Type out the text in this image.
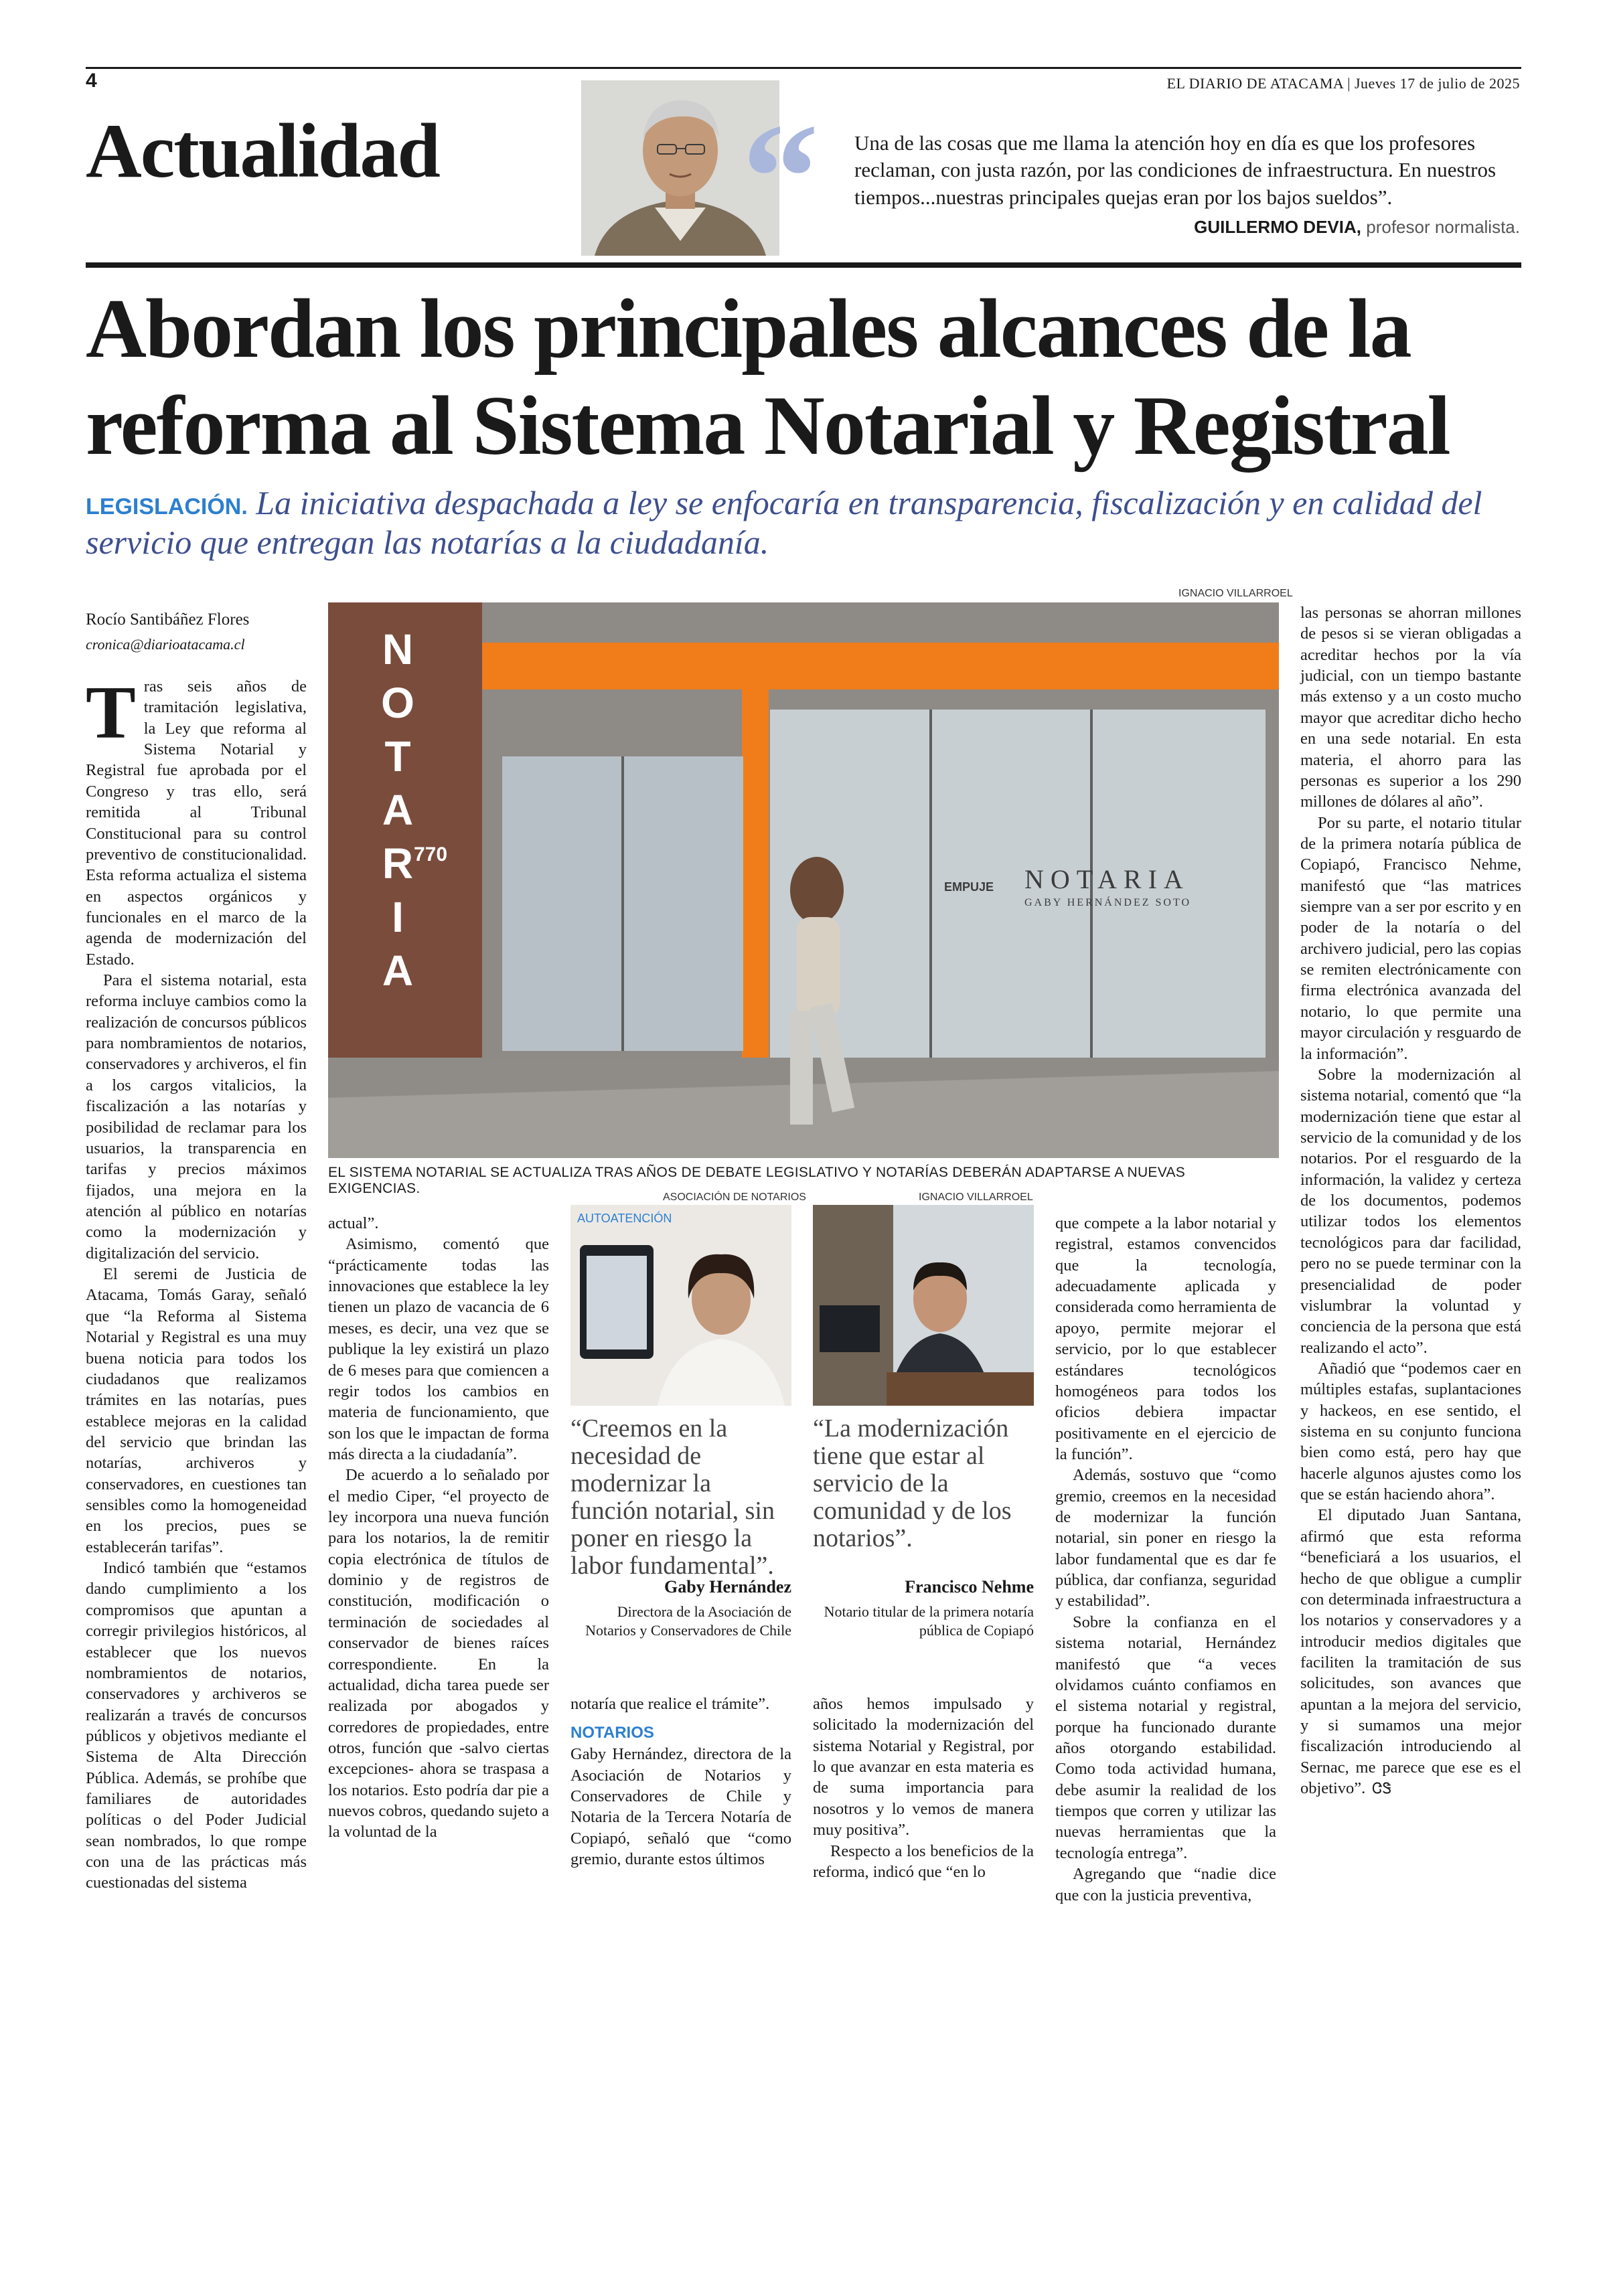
4	EL DIARIO DE ATACAMA | Jueves 17 de julio de 2025
Actualidad “ Una de las cosas que me llama la atención hoy en día es que los profesores reclaman, con justa razón, por las condiciones de infraestructura. En nuestros tiempos...nuestras principales quejas eran por los bajos sueldos”.
GUILLERMO DEVIA, profesor normalista.
Abordan los principales alcances de la reforma al Sistema Notarial y Registral
LEGISLACIÓN. La iniciativa despachada a ley se enfocaría en transparencia, fiscalización y en calidad del servicio que entregan las notarías a la ciudadanía.
Rocío Santibáñez Flores
cronica@diarioatacama.cl
IGNACIO VILLARROEL
NOTARIA
770
NOTARIA
GABY HERNÁNDEZ SOTO
EMPUJE
EL SISTEMA NOTARIAL SE ACTUALIZA TRAS AÑOS DE DEBATE LEGISLATIVO Y NOTARÍAS DEBERÁN ADAPTARSE A NUEVAS EXIGENCIAS.

Tras seis años de tramitación legislativa, la Ley que reforma al Sistema Notarial y Registral fue aprobada por el Congreso y tras ello, será remitida al Tribunal Constitucional para su control preventivo de constitucionalidad. Esta reforma actualiza el sistema en aspectos orgánicos y funcionales en el marco de la agenda de modernización del Estado.

Para el sistema notarial, esta reforma incluye cambios como la realización de concursos públicos para nombramientos de notarios, conservadores y archiveros, el fin a los cargos vitalicios, la fiscalización a las notarías y posibilidad de reclamar para los usuarios, la transparencia en tarifas y precios máximos fijados, una mejora en la atención al público en notarías como la modernización y digitalización del servicio.

El seremi de Justicia de Atacama, Tomás Garay, señaló que “la Reforma al Sistema Notarial y Registral es una muy buena noticia para todos los ciudadanos que realizamos trámites en las notarías, pues establece mejoras en la calidad del servicio que brindan las notarías, archiveros y conservadores, en cuestiones tan sensibles como la homogeneidad en los precios, pues se establecerán tarifas”.

Indicó también que “estamos dando cumplimiento a los compromisos que apuntan a corregir privilegios históricos, al establecer que los nuevos nombramientos de notarios, conservadores y archiveros se realizarán a través de concursos públicos y objetivos mediante el Sistema de Alta Dirección Pública. Además, se prohíbe que familiares de autoridades políticas o del Poder Judicial sean nombrados, lo que rompe con una de las prácticas más cuestionadas del sistema

actual”.

Asimismo, comentó que “prácticamente todas las innovaciones que establece la ley tienen un plazo de vacancia de 6 meses, es decir, una vez que se publique la ley existirá un plazo de 6 meses para que comiencen a regir todos los cambios en materia de funcionamiento, que son los que le impactan de forma más directa a la ciudadanía”.

De acuerdo a lo señalado por el medio Ciper, “el proyecto de ley incorpora una nueva función para los notarios, la de remitir copia electrónica de títulos de dominio y de registros de constitución, modificación o terminación de sociedades al conservador de bienes raíces correspondiente. En la actualidad, dicha tarea puede ser realizada por abogados y corredores de propiedades, entre otros, función que -salvo ciertas excepciones- ahora se traspasa a los notarios. Esto podría dar pie a nuevos cobros, quedando sujeto a la voluntad de la

ASOCIACIÓN DE NOTARIOS
AUTOATENCIÓN
“Creemos en la necesidad de modernizar la función notarial, sin poner en riesgo la labor fundamental”.
Gaby Hernández
Directora de la Asociación de Notarios y Conservadores de Chile

notaría que realice el trámite”.

NOTARIOS

Gaby Hernández, directora de la Asociación de Notarios y Conservadores de Chile y Notaria de la Tercera Notaría de Copiapó, señaló que “como gremio, durante estos últimos

IGNACIO VILLARROEL
“La modernización tiene que estar al servicio de la comunidad y de los notarios”.
Francisco Nehme
Notario titular de la primera notaría pública de Copiapó

años hemos impulsado y solicitado la modernización del sistema Notarial y Registral, por lo que avanzar en esta materia es de suma importancia para nosotros y lo vemos de manera muy positiva”.

Respecto a los beneficios de la reforma, indicó que “en lo

que compete a la labor notarial y registral, estamos convencidos que la tecnología, adecuadamente aplicada y considerada como herramienta de apoyo, permite mejorar el servicio, por lo que establecer estándares tecnológicos homogéneos para todos los oficios debiera impactar positivamente en el ejercicio de la función”.

Además, sostuvo que “como gremio, creemos en la necesidad de modernizar la función notarial, sin poner en riesgo la labor fundamental que es dar fe pública, dar confianza, seguridad y estabilidad”.

Sobre la confianza en el sistema notarial, Hernández manifestó que “a veces olvidamos cuánto confiamos en el sistema notarial y registral, porque ha funcionado durante años otorgando estabilidad. Como toda actividad humana, debe asumir la realidad de los tiempos que corren y utilizar las nuevas herramientas que la tecnología entrega”.

Agregando que “nadie dice que con la justicia preventiva,

las personas se ahorran millones de pesos si se vieran obligadas a acreditar hechos por la vía judicial, con un tiempo bastante más extenso y a un costo mucho mayor que acreditar dicho hecho en una sede notarial. En esta materia, el ahorro para las personas es superior a los 290 millones de dólares al año”.

Por su parte, el notario titular de la primera notaría pública de Copiapó, Francisco Nehme, manifestó que “las matrices siempre van a ser por escrito y en poder de la notaría o del archivero judicial, pero las copias se remiten electrónicamente con firma electrónica avanzada del notario, lo que permite una mayor circulación y resguardo de la información”.

Sobre la modernización al sistema notarial, comentó que “la modernización tiene que estar al servicio de la comunidad y de los notarios. Por el resguardo de la información, la validez y certeza de los documentos, podemos utilizar todos los elementos tecnológicos para dar facilidad, pero no se puede terminar con la presencialidad de poder vislumbrar la voluntad y conciencia de la persona que está realizando el acto”.

Añadió que “podemos caer en múltiples estafas, suplantaciones y hackeos, en ese sentido, el sistema en su conjunto funciona bien como está, pero hay que hacerle algunos ajustes como los que se están haciendo ahora”.

El diputado Juan Santana, afirmó que esta reforma “beneficiará a los usuarios, el hecho de que obligue a cumplir con determinada infraestructura a los notarios y conservadores y a introducir medios digitales que faciliten la tramitación de sus solicitudes, son avances que apuntan a la mejora del servicio, y si sumamos una mejor fiscalización introduciendo al Sernac, me parece que ese es el objetivo”. ᏣᏕ
